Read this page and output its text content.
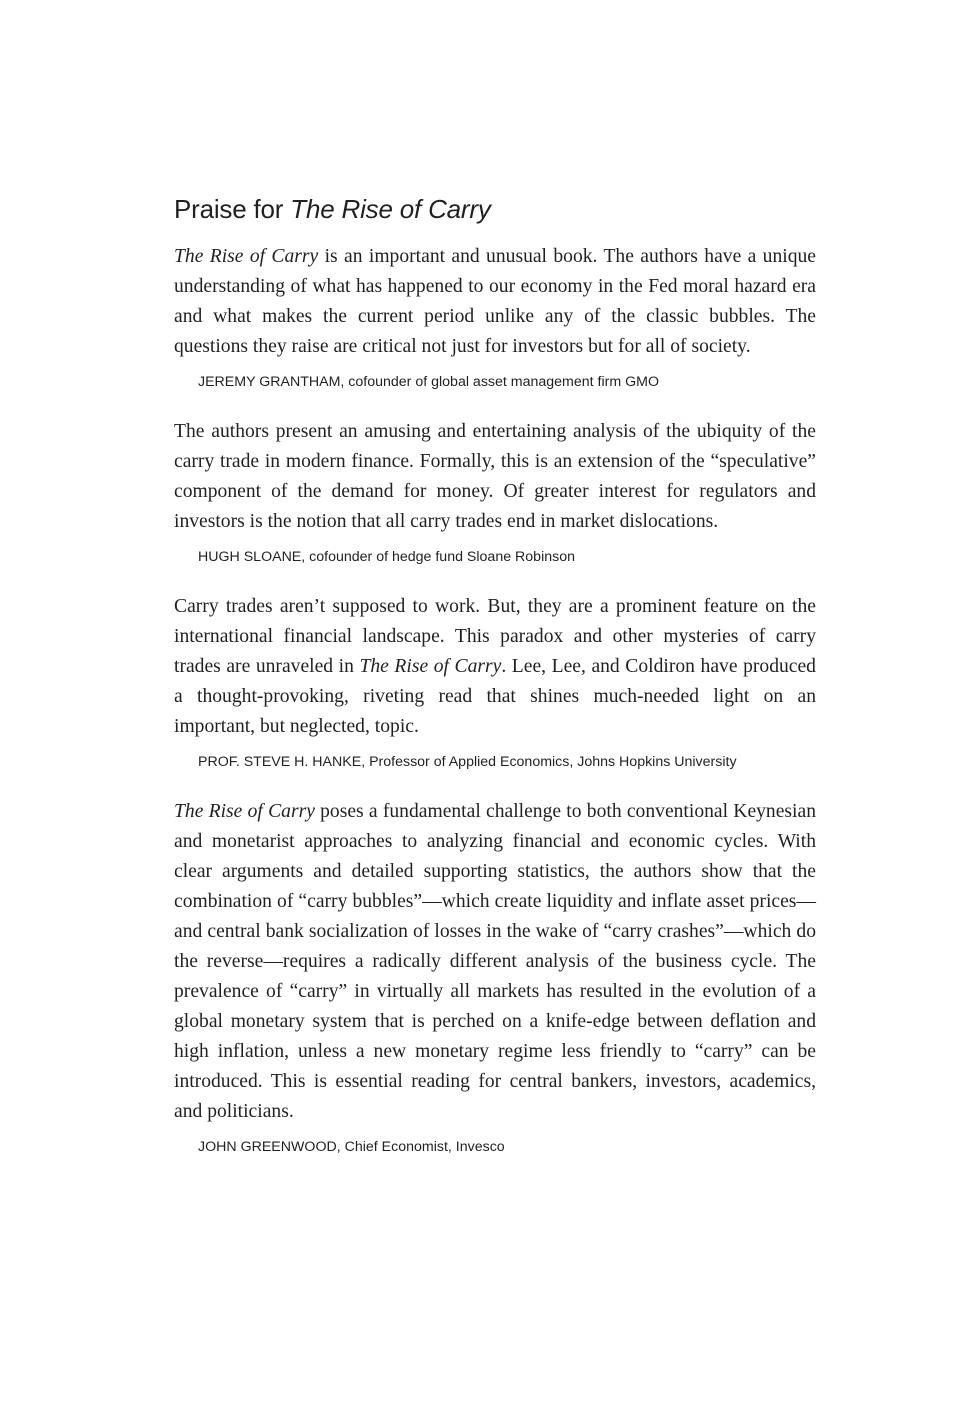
Praise for The Rise of Carry

The Rise of Carry is an important and unusual book. The authors have a unique understanding of what has happened to our economy in the Fed moral hazard era and what makes the current period unlike any of the classic bubbles. The questions they raise are critical not just for investors but for all of society.

JEREMY GRANTHAM, cofounder of global asset management firm GMO

The authors present an amusing and entertaining analysis of the ubiquity of the carry trade in modern finance. Formally, this is an extension of the “speculative” component of the demand for money. Of greater interest for regulators and investors is the notion that all carry trades end in market dislocations.

HUGH SLOANE, cofounder of hedge fund Sloane Robinson

Carry trades aren’t supposed to work. But, they are a prominent feature on the international financial landscape. This paradox and other mysteries of carry trades are unraveled in The Rise of Carry. Lee, Lee, and Coldiron have produced a thought-provoking, riveting read that shines much-needed light on an important, but neglected, topic.

PROF. STEVE H. HANKE, Professor of Applied Economics, Johns Hopkins University

The Rise of Carry poses a fundamental challenge to both conventional Keynesian and monetarist approaches to analyzing financial and economic cycles. With clear arguments and detailed supporting statistics, the authors show that the combination of “carry bubbles”—which create liquidity and inflate asset prices—and central bank socialization of losses in the wake of “carry crashes”—which do the reverse—requires a radically different analysis of the business cycle. The prevalence of “carry” in virtually all markets has resulted in the evolution of a global monetary system that is perched on a knife-edge between deflation and high inflation, unless a new monetary regime less friendly to “carry” can be introduced. This is essential reading for central bankers, investors, academics, and politicians.

JOHN GREENWOOD, Chief Economist, Invesco
